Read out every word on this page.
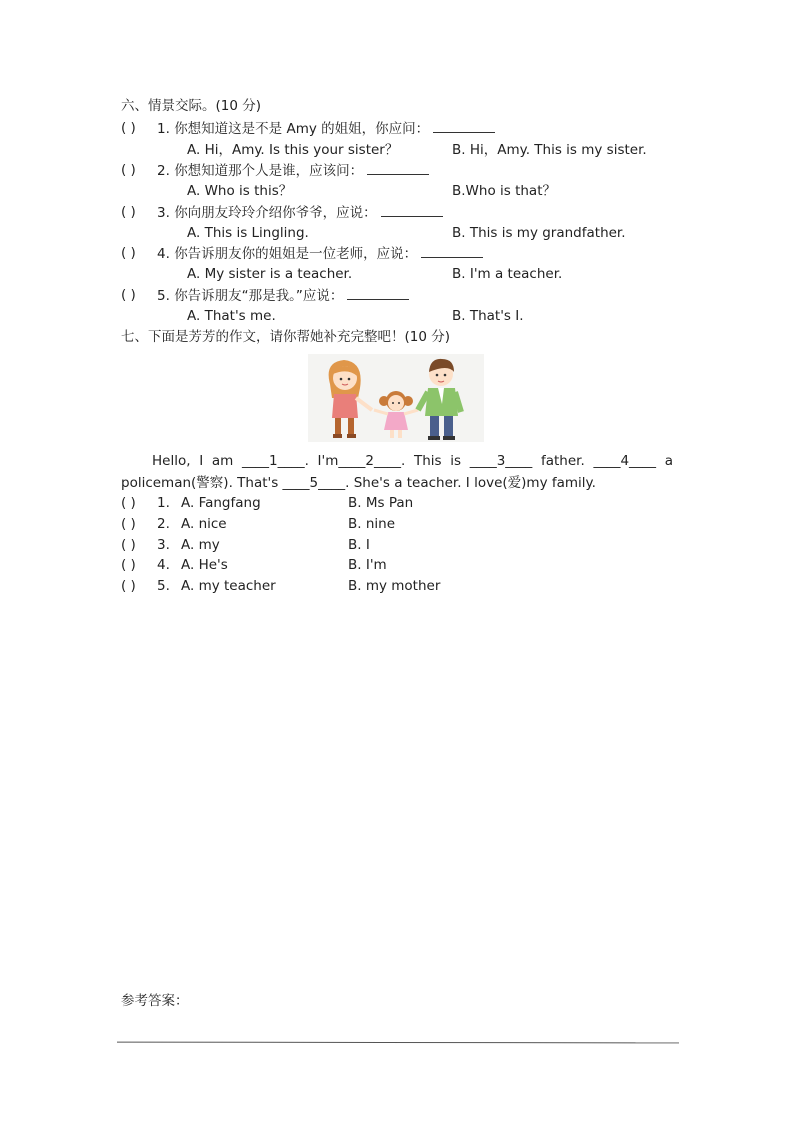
六、情景交际。(10 分)
( ) 1. 你想知道这是不是 Amy 的姐姐，你应问：
A. Hi，Amy. Is this your sister？	B. Hi，Amy. This is my sister.
( ) 2. 你想知道那个人是谁，应该问：
A. Who is this？	B.Who is that？
( ) 3. 你向朋友玲玲介绍你爷爷，应说：
A. This is Lingling.	B. This is my grandfather.
( ) 4. 你告诉朋友你的姐姐是一位老师，应说：
A. My sister is a teacher.	B. I'm a teacher.
( ) 5. 你告诉朋友“那是我。”应说：
A. That's me.	B. That's I.
七、下面是芳芳的作文，请你帮她补充完整吧！(10 分)
Hello, I am ____1____. I'm____2____. This is ____3____ father. ____4____ a policeman(警察). That's ____5____. She's a teacher. I love(爱)my family.
( ) 1. A. Fangfang	B. Ms Pan
( ) 2. A. nice	B. nine
( ) 3. A. my	B. I
( ) 4. A. He's	B. I'm
( ) 5. A. my teacher	B. my mother
参考答案：
